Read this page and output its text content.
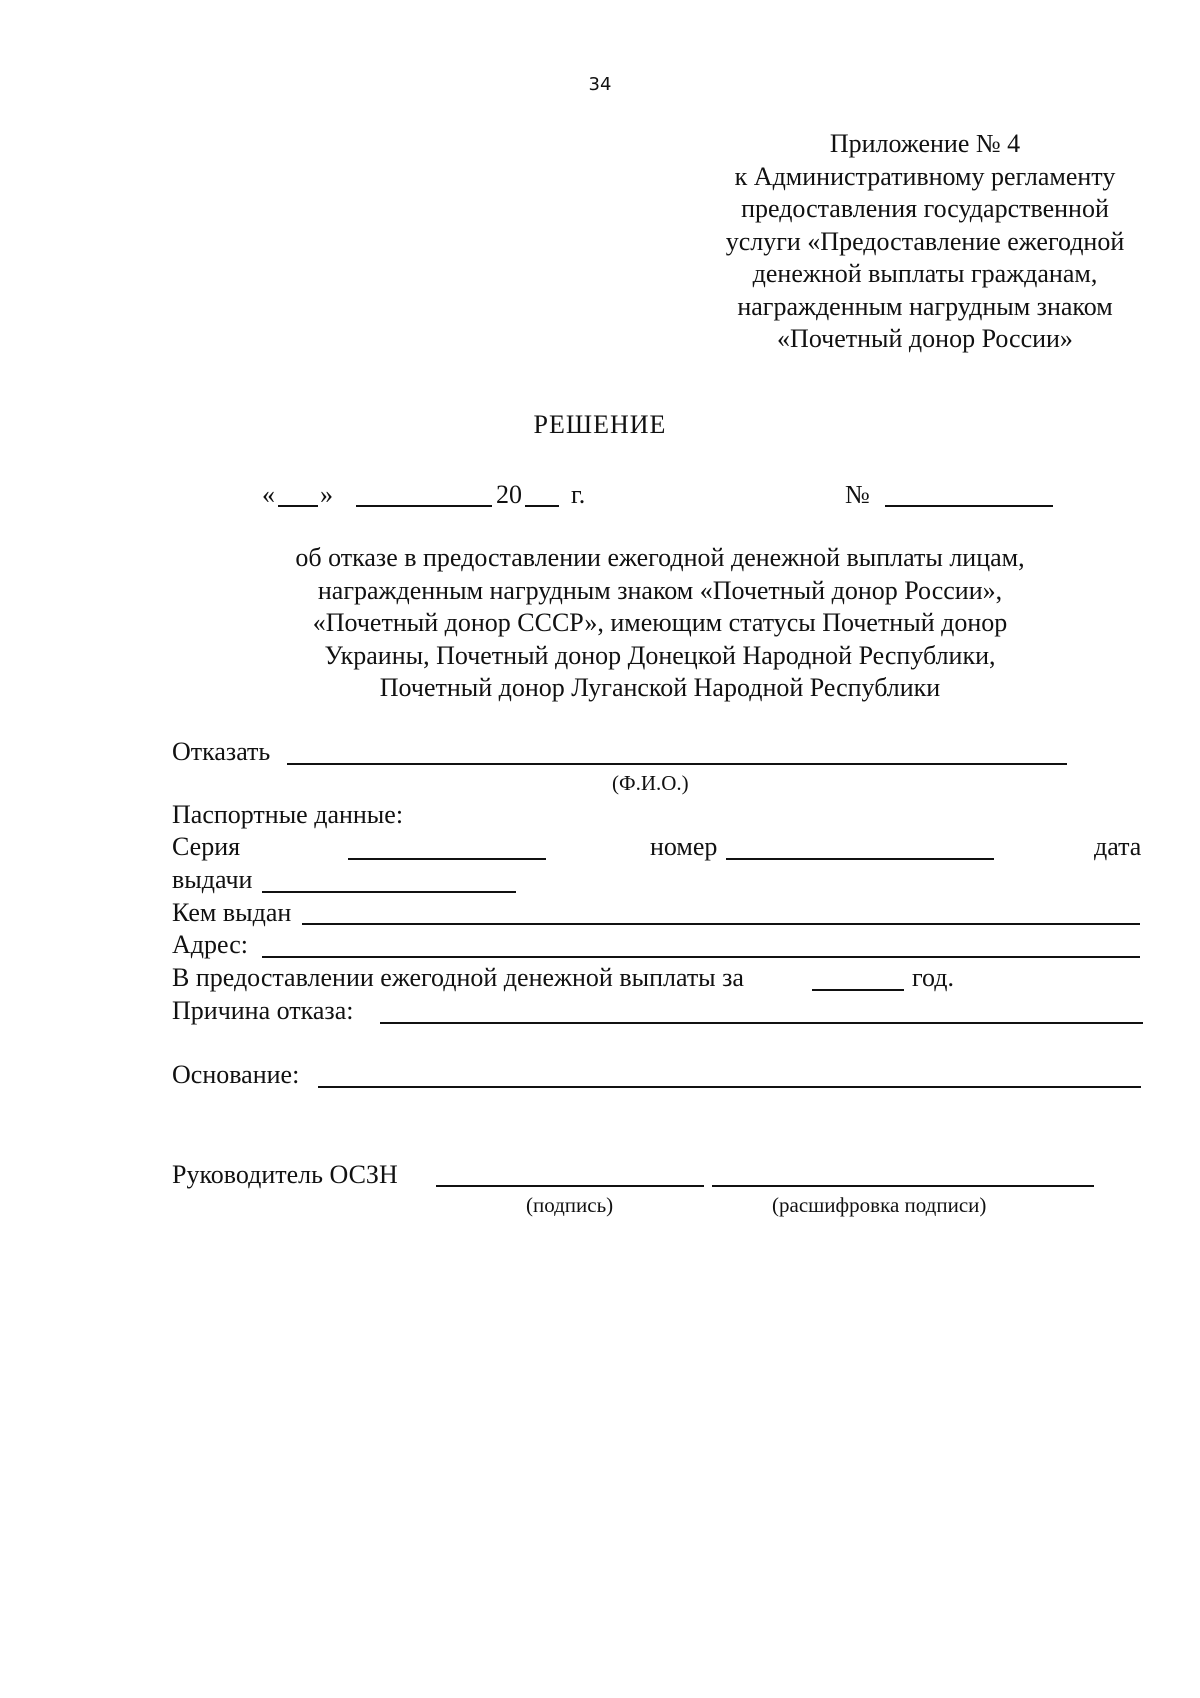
34
Приложение № 4
к Административному регламенту
предоставления государственной
услуги «Предоставление ежегодной
денежной выплаты гражданам,
награжденным нагрудным знаком
«Почетный донор России»
РЕШЕНИЕ
« »	20 г.	№
об отказе в предоставлении ежегодной денежной выплаты лицам,
награжденным нагрудным знаком «Почетный донор России»,
«Почетный донор СССР», имеющим статусы Почетный донор
Украины, Почетный донор Донецкой Народной Республики,
Почетный донор Луганской Народной Республики
Отказать
(Ф.И.О.)
Паспортные данные:
Серия	номер	дата
выдачи
Кем выдан
Адрес:
В предоставлении ежегодной денежной выплаты за	год.
Причина отказа:
Основание:
Руководитель ОСЗН
(подпись)	(расшифровка подписи)
